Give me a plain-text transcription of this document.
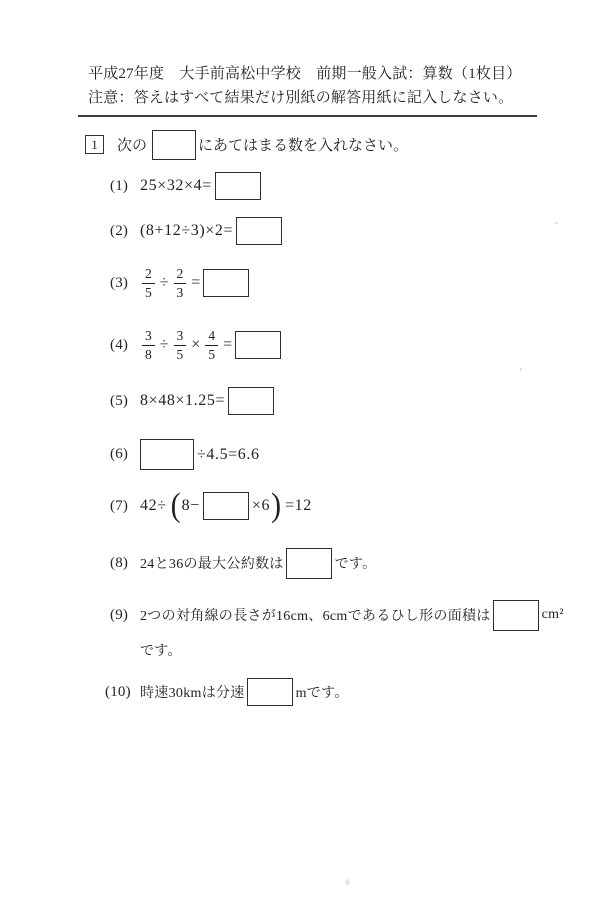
平成27年度　大手前高松中学校　前期一般入試：算数（1枚目）
注意：答えはすべて結果だけ別紙の解答用紙に記入しなさい。
1	次の	にあてはまる数を入れなさい。
(1) 25×32×4=
(2) (8+12÷3)×2=
(3)	$\frac{2}{5} \div \frac{2}{3}$ =
(4)	$\frac{3}{8} \div \frac{3}{5} \times \frac{4}{5}$ =
(5) 8×48×1.25=
(6)	÷4.5=6.6
(7) 42÷ ( 8−	×6 ) =12
(8) 24と36の最大公約数は	です。
(9) 2つの対角線の長さが16cm、6cmであるひし形の面積は	cm²
です。
(10) 時速30kmは分速	mです。
